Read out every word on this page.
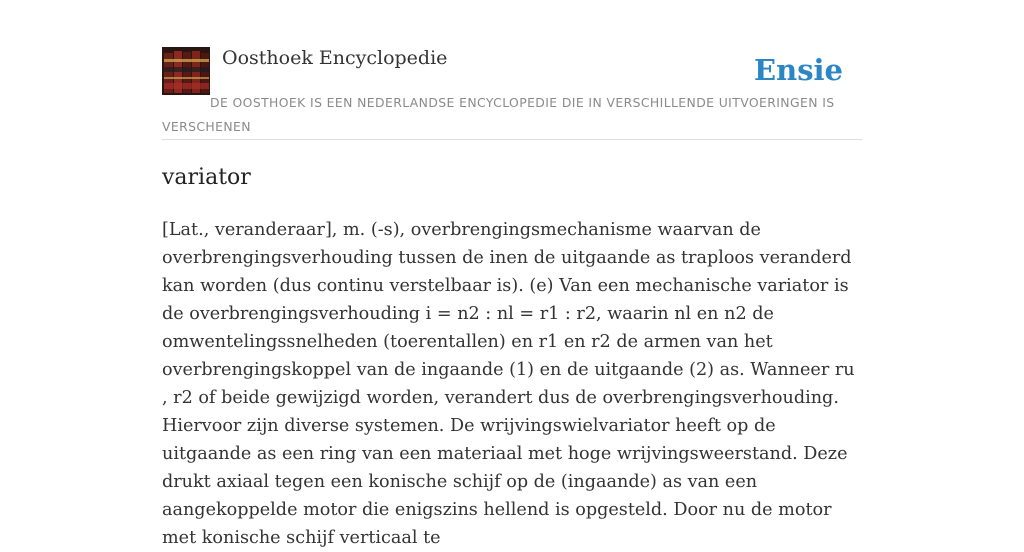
Oosthoek Encyclopedie	Ensie
DE OOSTHOEK IS EEN NEDERLANDSE ENCYCLOPEDIE DIE IN VERSCHILLENDE UITVOERINGEN IS VERSCHENEN
variator

[Lat., veranderaar], m. (-s), overbrengingsmechanisme waarvan de overbrengingsverhouding tussen de inen de uitgaande as traploos veranderd kan worden (dus continu verstelbaar is). (e) Van een mechanische variator is de overbrengingsverhouding i = n2 : nl = r1 : r2, waarin nl en n2 de omwentelingssnelheden (toerentallen) en r1 en r2 de armen van het overbrengingskoppel van de ingaande (1) en de uitgaande (2) as. Wanneer ru , r2 of beide gewijzigd worden, verandert dus de overbrengingsverhouding. Hiervoor zijn diverse systemen. De wrijvingswielvariator heeft op de uitgaande as een ring van een materiaal met hoge wrijvingsweerstand. Deze drukt axiaal tegen een konische schijf op de (ingaande) as van een aangekoppelde motor die enigszins hellend is opgesteld. Door nu de motor met konische schijf verticaal te
